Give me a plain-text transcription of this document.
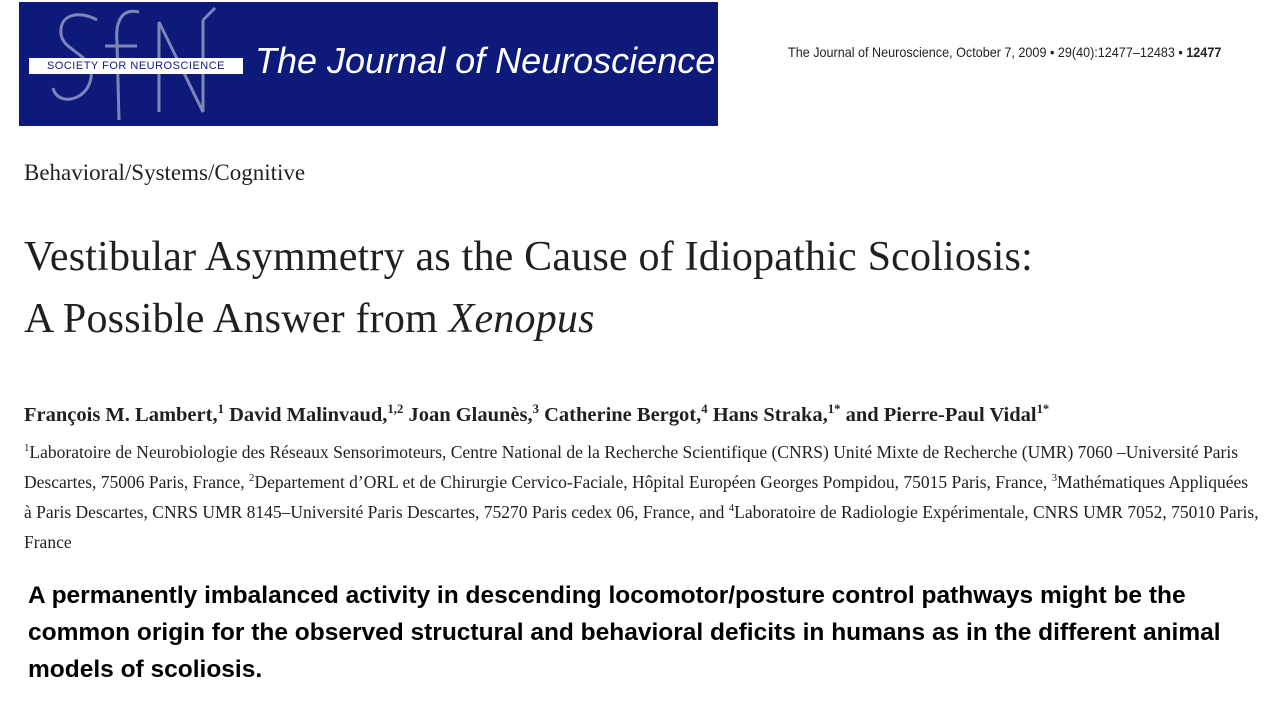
SOCIETY FOR NEUROSCIENCE The Journal of Neuroscience	The Journal of Neuroscience, October 7, 2009 • 29(40):12477–12483 • 12477
Behavioral/Systems/Cognitive
Vestibular Asymmetry as the Cause of Idiopathic Scoliosis:
A Possible Answer from Xenopus
François M. Lambert,$^1$ David Malinvaud,$^{1,2}$ Joan Glaunès,$^3$ Catherine Bergot,$^4$ Hans Straka,$^{1*}$ and Pierre-Paul Vidal$^{1*}$
$^1$Laboratoire de Neurobiologie des Réseaux Sensorimoteurs, Centre National de la Recherche Scientifique (CNRS) Unité Mixte de Recherche (UMR) 7060 –Université Paris Descartes, 75006 Paris, France, $^2$Departement d’ORL et de Chirurgie Cervico-Faciale, Hôpital Européen Georges Pompidou, 75015 Paris, France, $^3$Mathématiques Appliquées à Paris Descartes, CNRS UMR 8145–Université Paris Descartes, 75270 Paris cedex 06, France, and $^4$Laboratoire de Radiologie Expérimentale, CNRS UMR 7052, 75010 Paris, France
A permanently imbalanced activity in descending locomotor/posture control pathways might be the common origin for the observed structural and behavioral deficits in humans as in the different animal models of scoliosis.
